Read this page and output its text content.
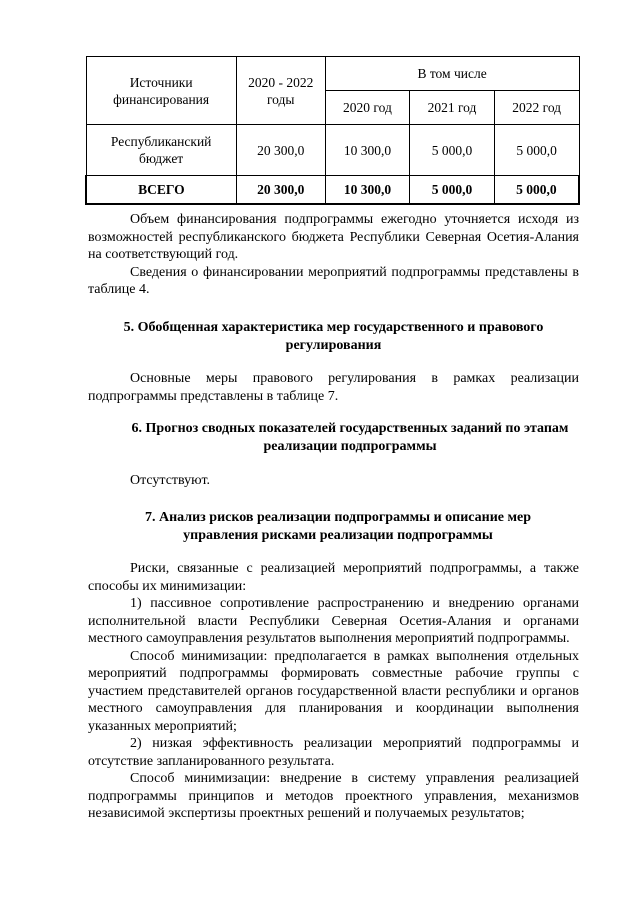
Источники финансирования	2020 - 2022 годы	В том числе		
		2020 год	2021 год	2022 год
Республиканский бюджет	20 300,0	10 300,0	5 000,0	5 000,0
ВСЕГО	20 300,0	10 300,0	5 000,0	5 000,0

Объем финансирования подпрограммы ежегодно уточняется исходя из возможностей республиканского бюджета Республики Северная Осетия-Алания на соответствующий год.

Сведения о финансировании мероприятий подпрограммы представлены в таблице 4.

5. Обобщенная характеристика мер государственного и правового регулирования

Основные меры правового регулирования в рамках реализации подпрограммы представлены в таблице 7.

6. Прогноз сводных показателей государственных заданий по этапам реализации подпрограммы

Отсутствуют.

7. Анализ рисков реализации подпрограммы и описание мер управления рисками реализации подпрограммы

Риски, связанные с реализацией мероприятий подпрограммы, а также способы их минимизации:

1) пассивное сопротивление распространению и внедрению органами исполнительной власти Республики Северная Осетия-Алания и органами местного самоуправления результатов выполнения мероприятий подпрограммы.

Способ минимизации: предполагается в рамках выполнения отдельных мероприятий подпрограммы формировать совместные рабочие группы с участием представителей органов государственной власти республики и органов местного самоуправления для планирования и координации выполнения указанных мероприятий;

2) низкая эффективность реализации мероприятий подпрограммы и отсутствие запланированного результата.

Способ минимизации: внедрение в систему управления реализацией подпрограммы принципов и методов проектного управления, механизмов независимой экспертизы проектных решений и получаемых результатов;
